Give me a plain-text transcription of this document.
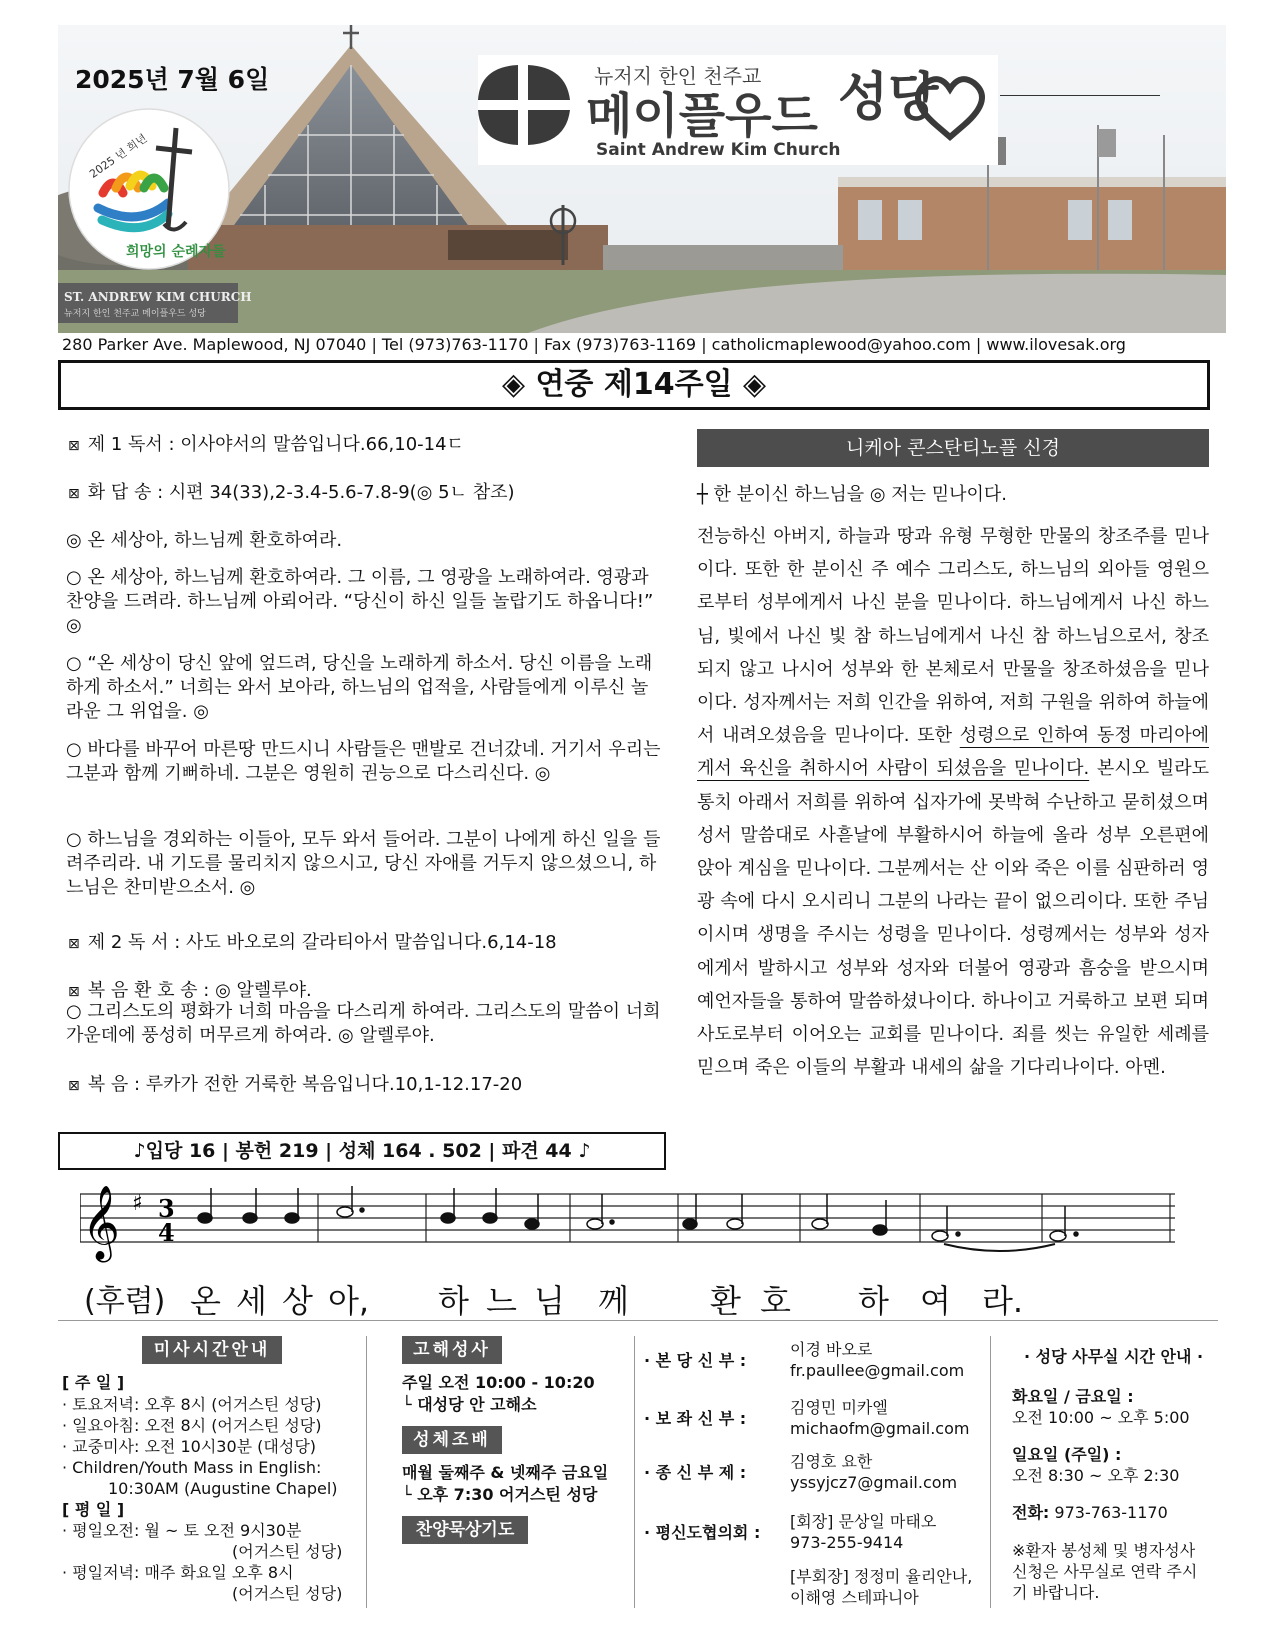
ST. ANDREW KIM CHURCH
뉴저지 한인 천주교 메이플우드 성당
2025 년 희년
희망의 순례자들
2025년 7월 6일	뉴저지 한인 천주교
메이플우드 성당
Saint Andrew Kim Church
280 Parker Ave. Maplewood, NJ 07040 | Tel (973)763-1170 | Fax (973)763-1169 | catholicmaplewood@yahoo.com | www.ilovesak.org
◈ 연중 제14주일 ◈
⊠ 제 1 독서 : 이사야서의 말씀입니다.66,10-14ㄷ
⊠ 화 답 송 : 시편 34(33),2-3.4-5.6-7.8-9(◎ 5ㄴ 참조)
◎ 온 세상아, 하느님께 환호하여라.
○ 온 세상아, 하느님께 환호하여라. 그 이름, 그 영광을 노래하여라. 영광과 찬양을 드려라. 하느님께 아뢰어라. “당신이 하신 일들 놀랍기도 하옵니다!” ◎
○ “온 세상이 당신 앞에 엎드려, 당신을 노래하게 하소서. 당신 이름을 노래하게 하소서.” 너희는 와서 보아라, 하느님의 업적을, 사람들에게 이루신 놀라운 그 위업을. ◎
○ 바다를 바꾸어 마른땅 만드시니 사람들은 맨발로 건너갔네. 거기서 우리는 그분과 함께 기뻐하네. 그분은 영원히 권능으로 다스리신다. ◎
○ 하느님을 경외하는 이들아, 모두 와서 들어라. 그분이 나에게 하신 일을 들려주리라. 내 기도를 물리치지 않으시고, 당신 자애를 거두지 않으셨으니, 하느님은 찬미받으소서. ◎
⊠ 제 2 독 서 : 사도 바오로의 갈라티아서 말씀입니다.6,14-18
⊠ 복 음 환 호 송 : ◎ 알렐루야.
○ 그리스도의 평화가 너희 마음을 다스리게 하여라. 그리스도의 말씀이 너희 가운데에 풍성히 머무르게 하여라. ◎ 알렐루야.
⊠ 복 음 : 루카가 전한 거룩한 복음입니다.10,1-12.17-20
♪입당 16 | 봉헌 219 | 성체 164 . 502 | 파견 44 ♪
니케아 콘스탄티노플 신경
┼ 한 분이신 하느님을 ◎ 저는 믿나이다.
전능하신 아버지, 하늘과 땅과 유형 무형한 만물의 창조주를 믿나이다. 또한 한 분이신 주 예수 그리스도, 하느님의 외아들 영원으로부터 성부에게서 나신 분을 믿나이다. 하느님에게서 나신 하느님, 빛에서 나신 빛 참 하느님에게서 나신 참 하느님으로서, 창조되지 않고 나시어 성부와 한 본체로서 만물을 창조하셨음을 믿나이다. 성자께서는 저희 인간을 위하여, 저희 구원을 위하여 하늘에서 내려오셨음을 믿나이다. 또한 성령으로 인하여 동정 마리아에게서 육신을 취하시어 사람이 되셨음을 믿나이다. 본시오 빌라도 통치 아래서 저희를 위하여 십자가에 못박혀 수난하고 묻히셨으며 성서 말씀대로 사흗날에 부활하시어 하늘에 올라 성부 오른편에 앉아 계심을 믿나이다. 그분께서는 산 이와 죽은 이를 심판하러 영광 속에 다시 오시리니 그분의 나라는 끝이 없으리이다. 또한 주님이시며 생명을 주시는 성령을 믿나이다. 성령께서는 성부와 성자에게서 발하시고 성부와 성자와 더불어 영광과 흠숭을 받으시며 예언자들을 통하여 말씀하셨나이다. 하나이고 거룩하고 보편 되며 사도로부터 이어오는 교회를 믿나이다. 죄를 씻는 유일한 세례를 믿으며 죽은 이들의 부활과 내세의 삶을 기다리나이다. 아멘.
𝄞 ♯ 3
4
(후렴) 온 세 상 아, 하 느 님 께	환 호 하 여 라.
미사시간안내
[ 주 일 ]
· 토요저녁: 오후 8시 (어거스틴 성당)
· 일요아침: 오전 8시 (어거스틴 성당)
· 교중미사: 오전 10시30분 (대성당)
· Children/Youth Mass in English:
10:30AM (Augustine Chapel)
[ 평 일 ]
· 평일오전: 월 ~ 토 오전 9시30분
(어거스틴 성당)
· 평일저녁: 매주 화요일 오후 8시
(어거스틴 성당)
고해성사
주일 오전 10:00 - 10:20
└ 대성당 안 고해소
성체조배
매월 둘째주 & 넷째주 금요일
└ 오후 7:30 어거스틴 성당
찬양묵상기도
· 본 당 신 부 :
이경 바오로
fr.paullee@gmail.com
· 보 좌 신 부 :
김영민 미카엘
michaofm@gmail.com
· 종 신 부 제 :
김영호 요한
yssyjcz7@gmail.com
· 평신도협의회 :
[회장] 문상일 마태오
973-255-9414
[부회장] 정정미 율리안나,
이해영 스테파니아
· 성당 사무실 시간 안내 ·
화요일 / 금요일 :
오전 10:00 ~ 오후 5:00
일요일 (주일) :
오전 8:30 ~ 오후 2:30
전화: 973-763-1170
※환자 봉성체 및 병자성사
신청은 사무실로 연락 주시
기 바랍니다.
